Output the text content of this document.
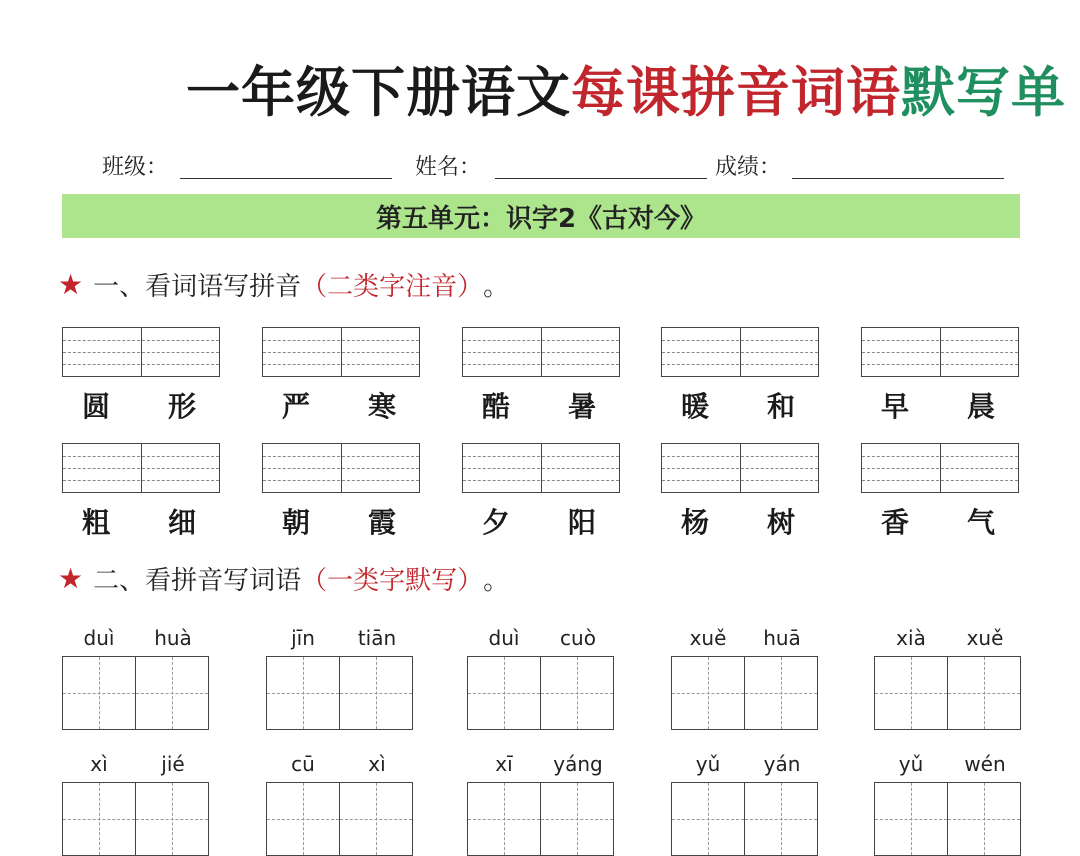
一年级下册语文每课拼音词语默写单
班级：	姓名：	成绩：
第五单元：识字2《古对今》
★ 一、看词语写拼音 （ 二类字注音 ） 。
圆 形	严 寒	酷 暑	暖 和	早 晨
粗 细	朝 霞	夕 阳	杨 树	香 气
★ 二、看拼音写词语 （ 一类字默写 ） 。
duì	huà	jīn	tiān	duì	cuò	xuě	huā	xià	xuě
xì	jié	cū	xì	xī	yáng	yǔ	yán	yǔ	wén
